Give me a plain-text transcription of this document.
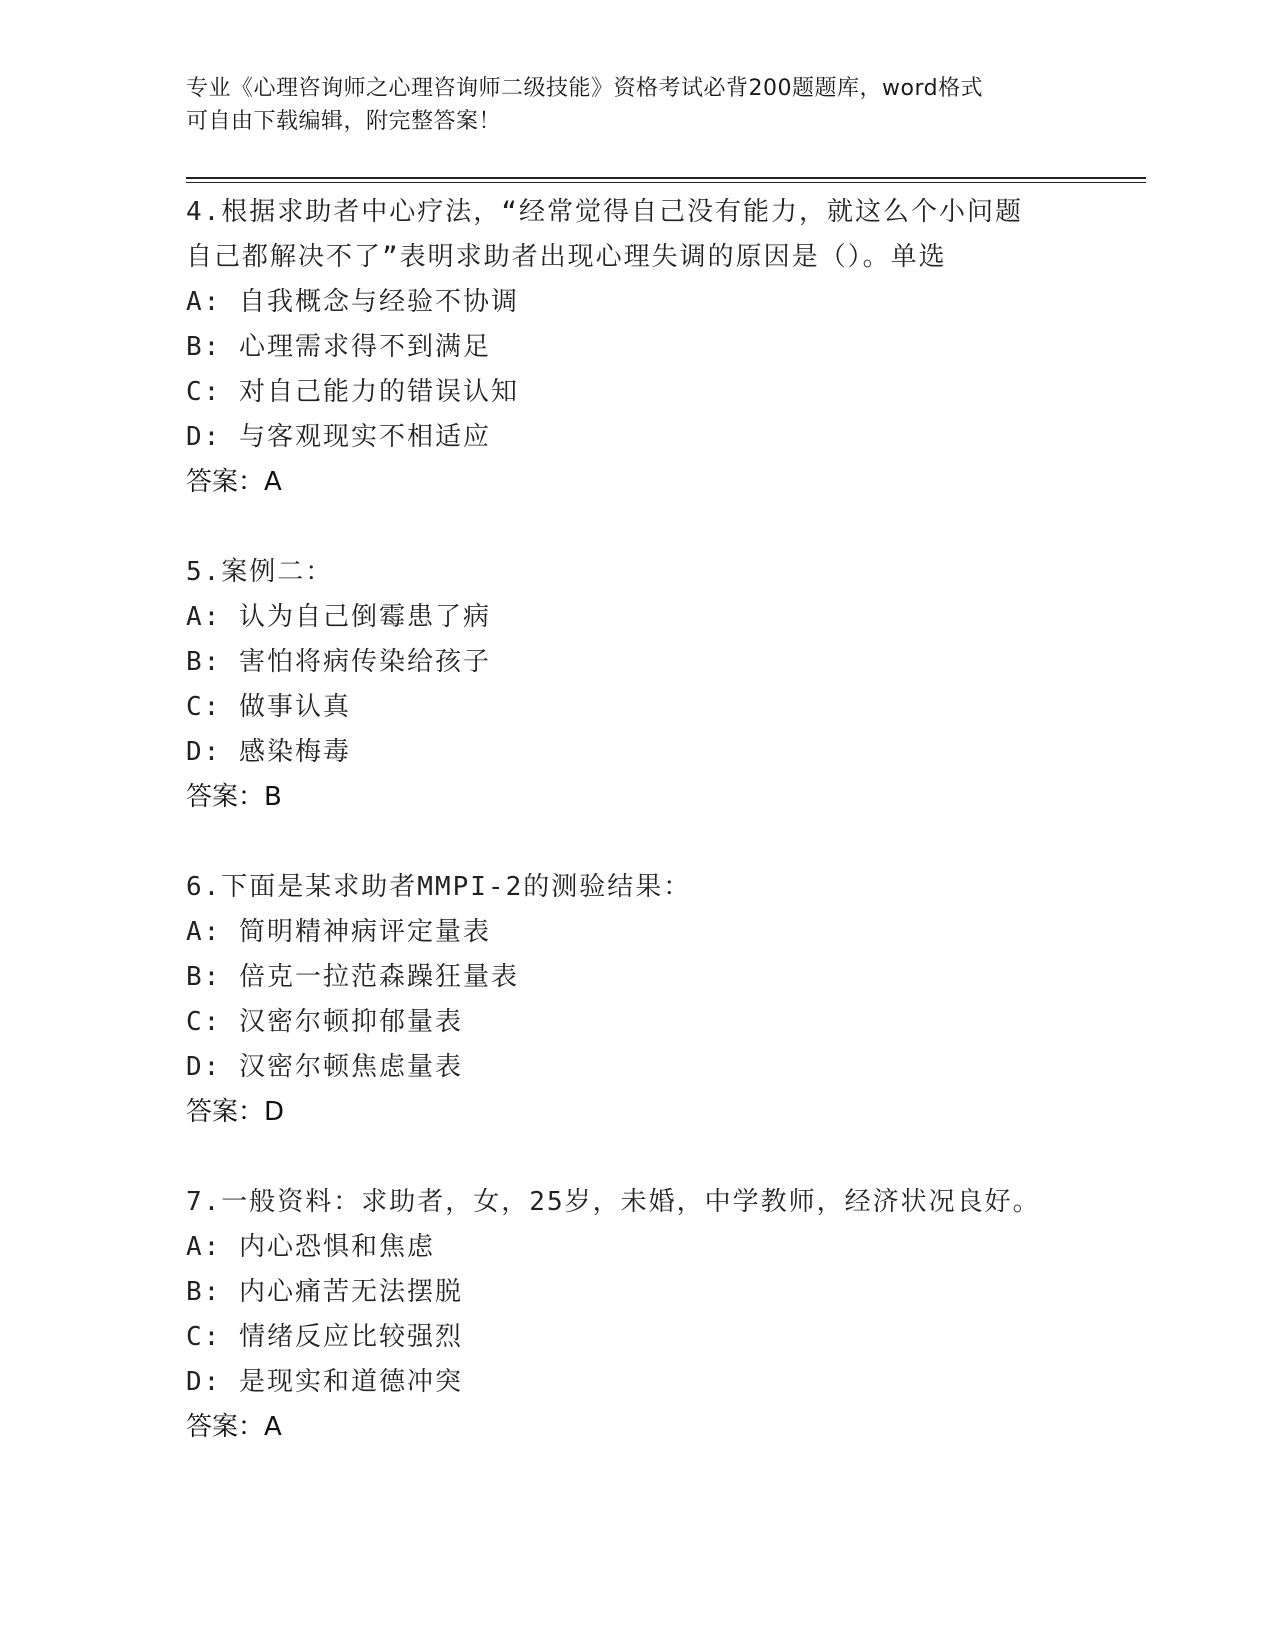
专业《心理咨询师之心理咨询师二级技能》资格考试必背200题题库，word格式
可自由下载编辑，附完整答案！

4.根据求助者中心疗法，“经常觉得自己没有能力，就这么个小问题

自己都解决不了”表明求助者出现心理失调的原因是（）。单选

A: 自我概念与经验不协调

B: 心理需求得不到满足

C: 对自己能力的错误认知

D: 与客观现实不相适应

答案：A

5.案例二：

A: 认为自己倒霉患了病

B: 害怕将病传染给孩子

C: 做事认真

D: 感染梅毒

答案：B

6.下面是某求助者MMPI-2的测验结果：

A: 简明精神病评定量表

B: 倍克一拉范森躁狂量表

C: 汉密尔顿抑郁量表

D: 汉密尔顿焦虑量表

答案：D

7.一般资料：求助者，女，25岁，未婚，中学教师，经济状况良好。

A: 内心恐惧和焦虑

B: 内心痛苦无法摆脱

C: 情绪反应比较强烈

D: 是现实和道德冲突

答案：A
